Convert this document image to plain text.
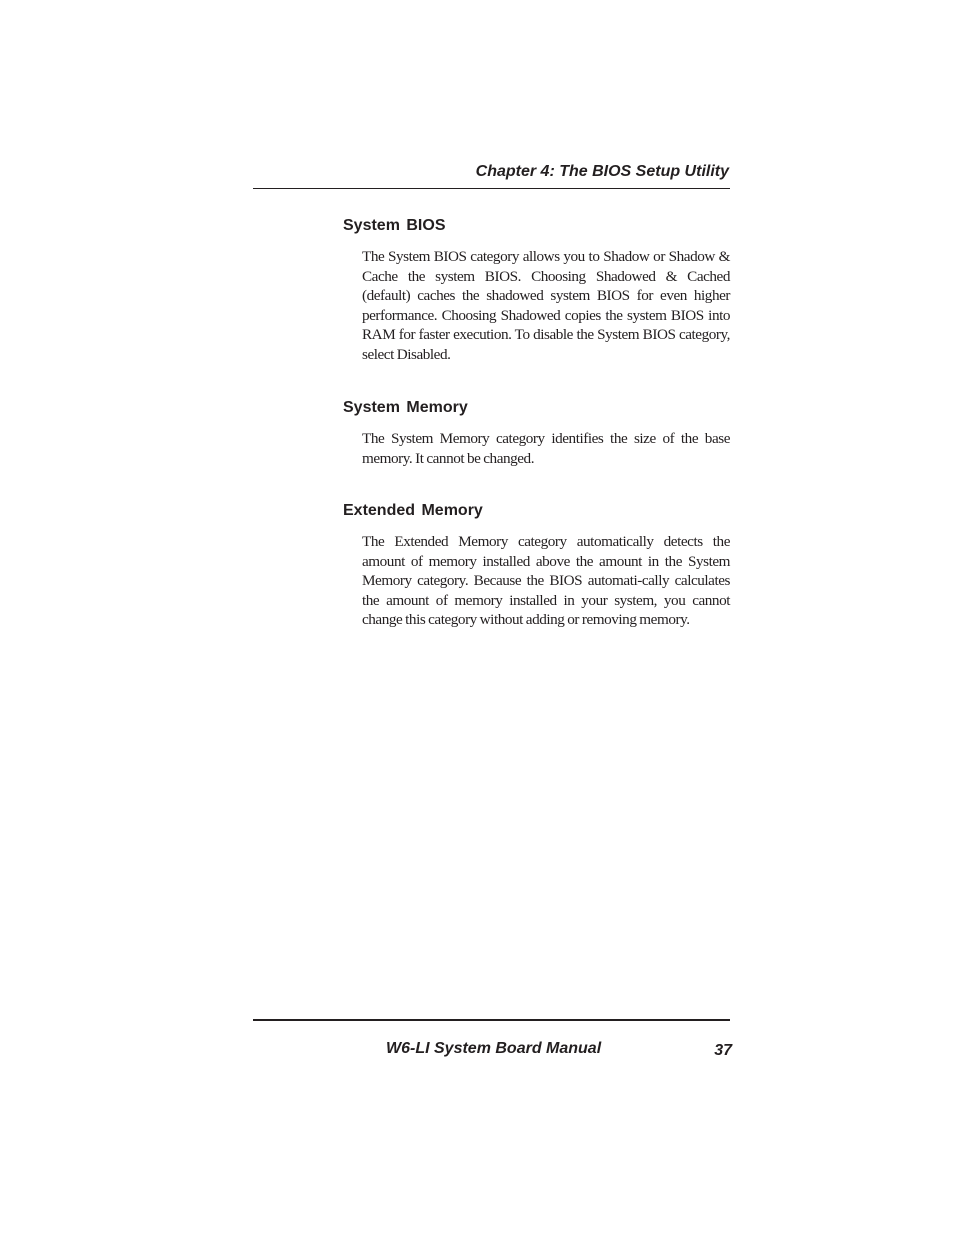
Chapter 4: The BIOS Setup Utility

System BIOS

The System BIOS category allows you to Shadow or Shadow & Cache the system BIOS. Choosing Shadowed & Cached (default) caches the shadowed system BIOS for even higher performance. Choosing Shadowed copies the system BIOS into RAM for faster execution. To disable the System BIOS category, select Disabled.

System Memory

The System Memory category identifies the size of the base memory. It cannot be changed.

Extended Memory

The Extended Memory category automatically detects the amount of memory installed above the amount in the System Memory category. Because the BIOS automati-cally calculates the amount of memory installed in your system, you cannot change this category without adding or removing memory.

W6-LI System Board Manual	37
